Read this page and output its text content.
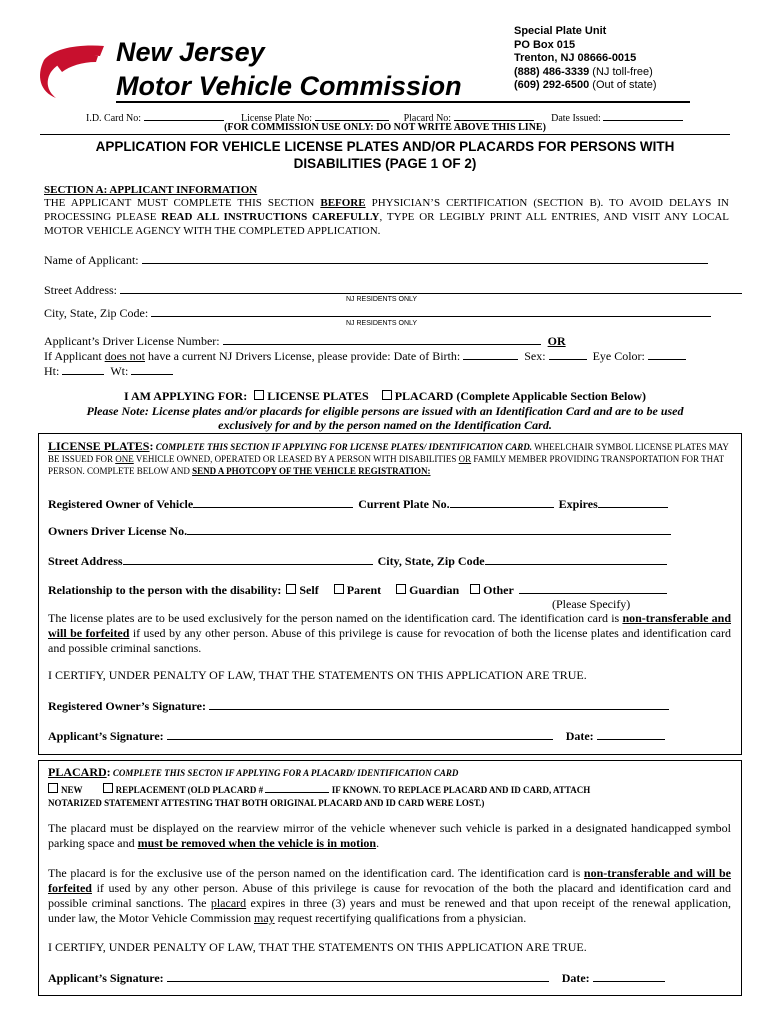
New Jersey
Motor Vehicle Commission
Special Plate Unit
PO Box 015
Trenton, NJ 08666-0015
(888) 486-3339 (NJ toll-free)
(609) 292-6500 (Out of state)
I.D. Card No:	License Plate No:	Placard No:	Date Issued:
(FOR COMMISSION USE ONLY: DO NOT WRITE ABOVE THIS LINE)
APPLICATION FOR VEHICLE LICENSE PLATES AND/OR PLACARDS FOR PERSONS WITH
DISABILITIES (PAGE 1 OF 2)
SECTION A: APPLICANT INFORMATION
THE APPLICANT MUST COMPLETE THIS SECTION BEFORE PHYSICIAN’S CERTIFICATION (SECTION B). TO AVOID DELAYS IN PROCESSING PLEASE READ ALL INSTRUCTIONS CAREFULLY, TYPE OR LEGIBLY PRINT ALL ENTRIES, AND VISIT ANY LOCAL MOTOR VEHICLE AGENCY WITH THE COMPLETED APPLICATION.
Name of Applicant:
Street Address:
NJ RESIDENTS ONLY
City, State, Zip Code:
NJ RESIDENTS ONLY
Applicant’s Driver License Number:	OR
If Applicant does not have a current NJ Drivers License, please provide: Date of Birth:	Sex:	Eye Color:
Ht:	Wt:
I AM APPLYING FOR: LICENSE PLATES PLACARD (Complete Applicable Section Below)
Please Note: License plates and/or placards for eligible persons are issued with an Identification Card and are to be used
exclusively for and by the person named on the Identification Card.
LICENSE PLATES: COMPLETE THIS SECTION IF APPLYING FOR LICENSE PLATES/ IDENTIFICATION CARD. WHEELCHAIR SYMBOL LICENSE PLATES MAY BE ISSUED FOR ONE VEHICLE OWNED, OPERATED OR LEASED BY A PERSON WITH DISABILITIES OR FAMILY MEMBER PROVIDING TRANSPORTATION FOR THAT PERSON. COMPLETE BELOW AND SEND A PHOTCOPY OF THE VEHICLE REGISTRATION:
Registered Owner of Vehicle	Current Plate No.	Expires
Owners Driver License No.
Street Address	City, State, Zip Code
Relationship to the person with the disability: Self Parent Guardian Other
(Please Specify)
The license plates are to be used exclusively for the person named on the identification card. The identification card is non-transferable and will be forfeited if used by any other person. Abuse of this privilege is cause for revocation of both the license plates and identification card and possible criminal sanctions.
I CERTIFY, UNDER PENALTY OF LAW, THAT THE STATEMENTS ON THIS APPLICATION ARE TRUE.
Registered Owner’s Signature:
Applicant’s Signature:	Date:
PLACARD: COMPLETE THIS SECTON IF APPLYING FOR A PLACARD/ IDENTIFICATION CARD
NEW	REPLACEMENT (OLD PLACARD #	IF KNOWN. TO REPLACE PLACARD AND ID CARD, ATTACH
NOTARIZED STATEMENT ATTESTING THAT BOTH ORIGINAL PLACARD AND ID CARD WERE LOST.)
The placard must be displayed on the rearview mirror of the vehicle whenever such vehicle is parked in a designated handicapped symbol parking space and must be removed when the vehicle is in motion.
The placard is for the exclusive use of the person named on the identification card. The identification card is non-transferable and will be forfeited if used by any other person. Abuse of this privilege is cause for revocation of the both the placard and identification card and possible criminal sanctions. The placard expires in three (3) years and must be renewed and that upon receipt of the renewal application, under law, the Motor Vehicle Commission may request recertifying qualifications from a physician.
I CERTIFY, UNDER PENALTY OF LAW, THAT THE STATEMENTS ON THIS APPLICATION ARE TRUE.
Applicant’s Signature:	Date:
